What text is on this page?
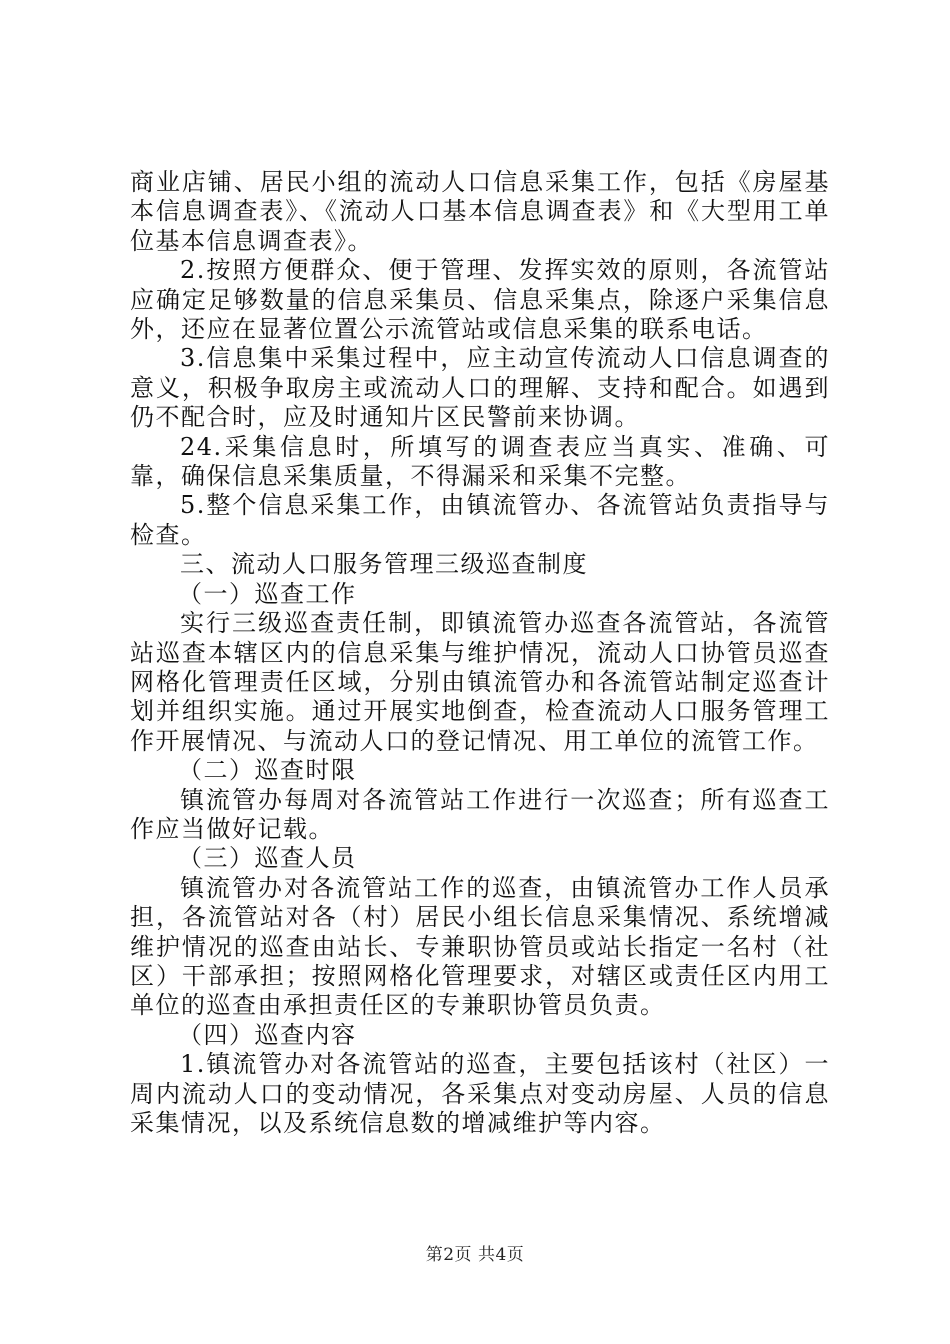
商业店铺、居民小组的流动人口信息采集工作，包括《房屋基本信息调查表》、《流动人口基本信息调查表》和《大型用工单位基本信息调查表》。

2.按照方便群众、便于管理、发挥实效的原则，各流管站应确定足够数量的信息采集员、信息采集点，除逐户采集信息外，还应在显著位置公示流管站或信息采集的联系电话。

3.信息集中采集过程中，应主动宣传流动人口信息调查的意义，积极争取房主或流动人口的理解、支持和配合。如遇到仍不配合时，应及时通知片区民警前来协调。

24.采集信息时，所填写的调查表应当真实、准确、可靠，确保信息采集质量，不得漏采和采集不完整。

5.整个信息采集工作，由镇流管办、各流管站负责指导与检查。

三、流动人口服务管理三级巡查制度

（一）巡查工作

实行三级巡查责任制，即镇流管办巡查各流管站，各流管站巡查本辖区内的信息采集与维护情况，流动人口协管员巡查网格化管理责任区域，分别由镇流管办和各流管站制定巡查计划并组织实施。通过开展实地倒查，检查流动人口服务管理工作开展情况、与流动人口的登记情况、用工单位的流管工作。

（二）巡查时限

镇流管办每周对各流管站工作进行一次巡查；所有巡查工作应当做好记载。

（三）巡查人员

镇流管办对各流管站工作的巡查，由镇流管办工作人员承担，各流管站对各（村）居民小组长信息采集情况、系统增减维护情况的巡查由站长、专兼职协管员或站长指定一名村（社区）干部承担；按照网格化管理要求，对辖区或责任区内用工单位的巡查由承担责任区的专兼职协管员负责。

（四）巡查内容

1.镇流管办对各流管站的巡查，主要包括该村（社区）一周内流动人口的变动情况，各采集点对变动房屋、人员的信息采集情况，以及系统信息数的增减维护等内容。

第2页 共4页
